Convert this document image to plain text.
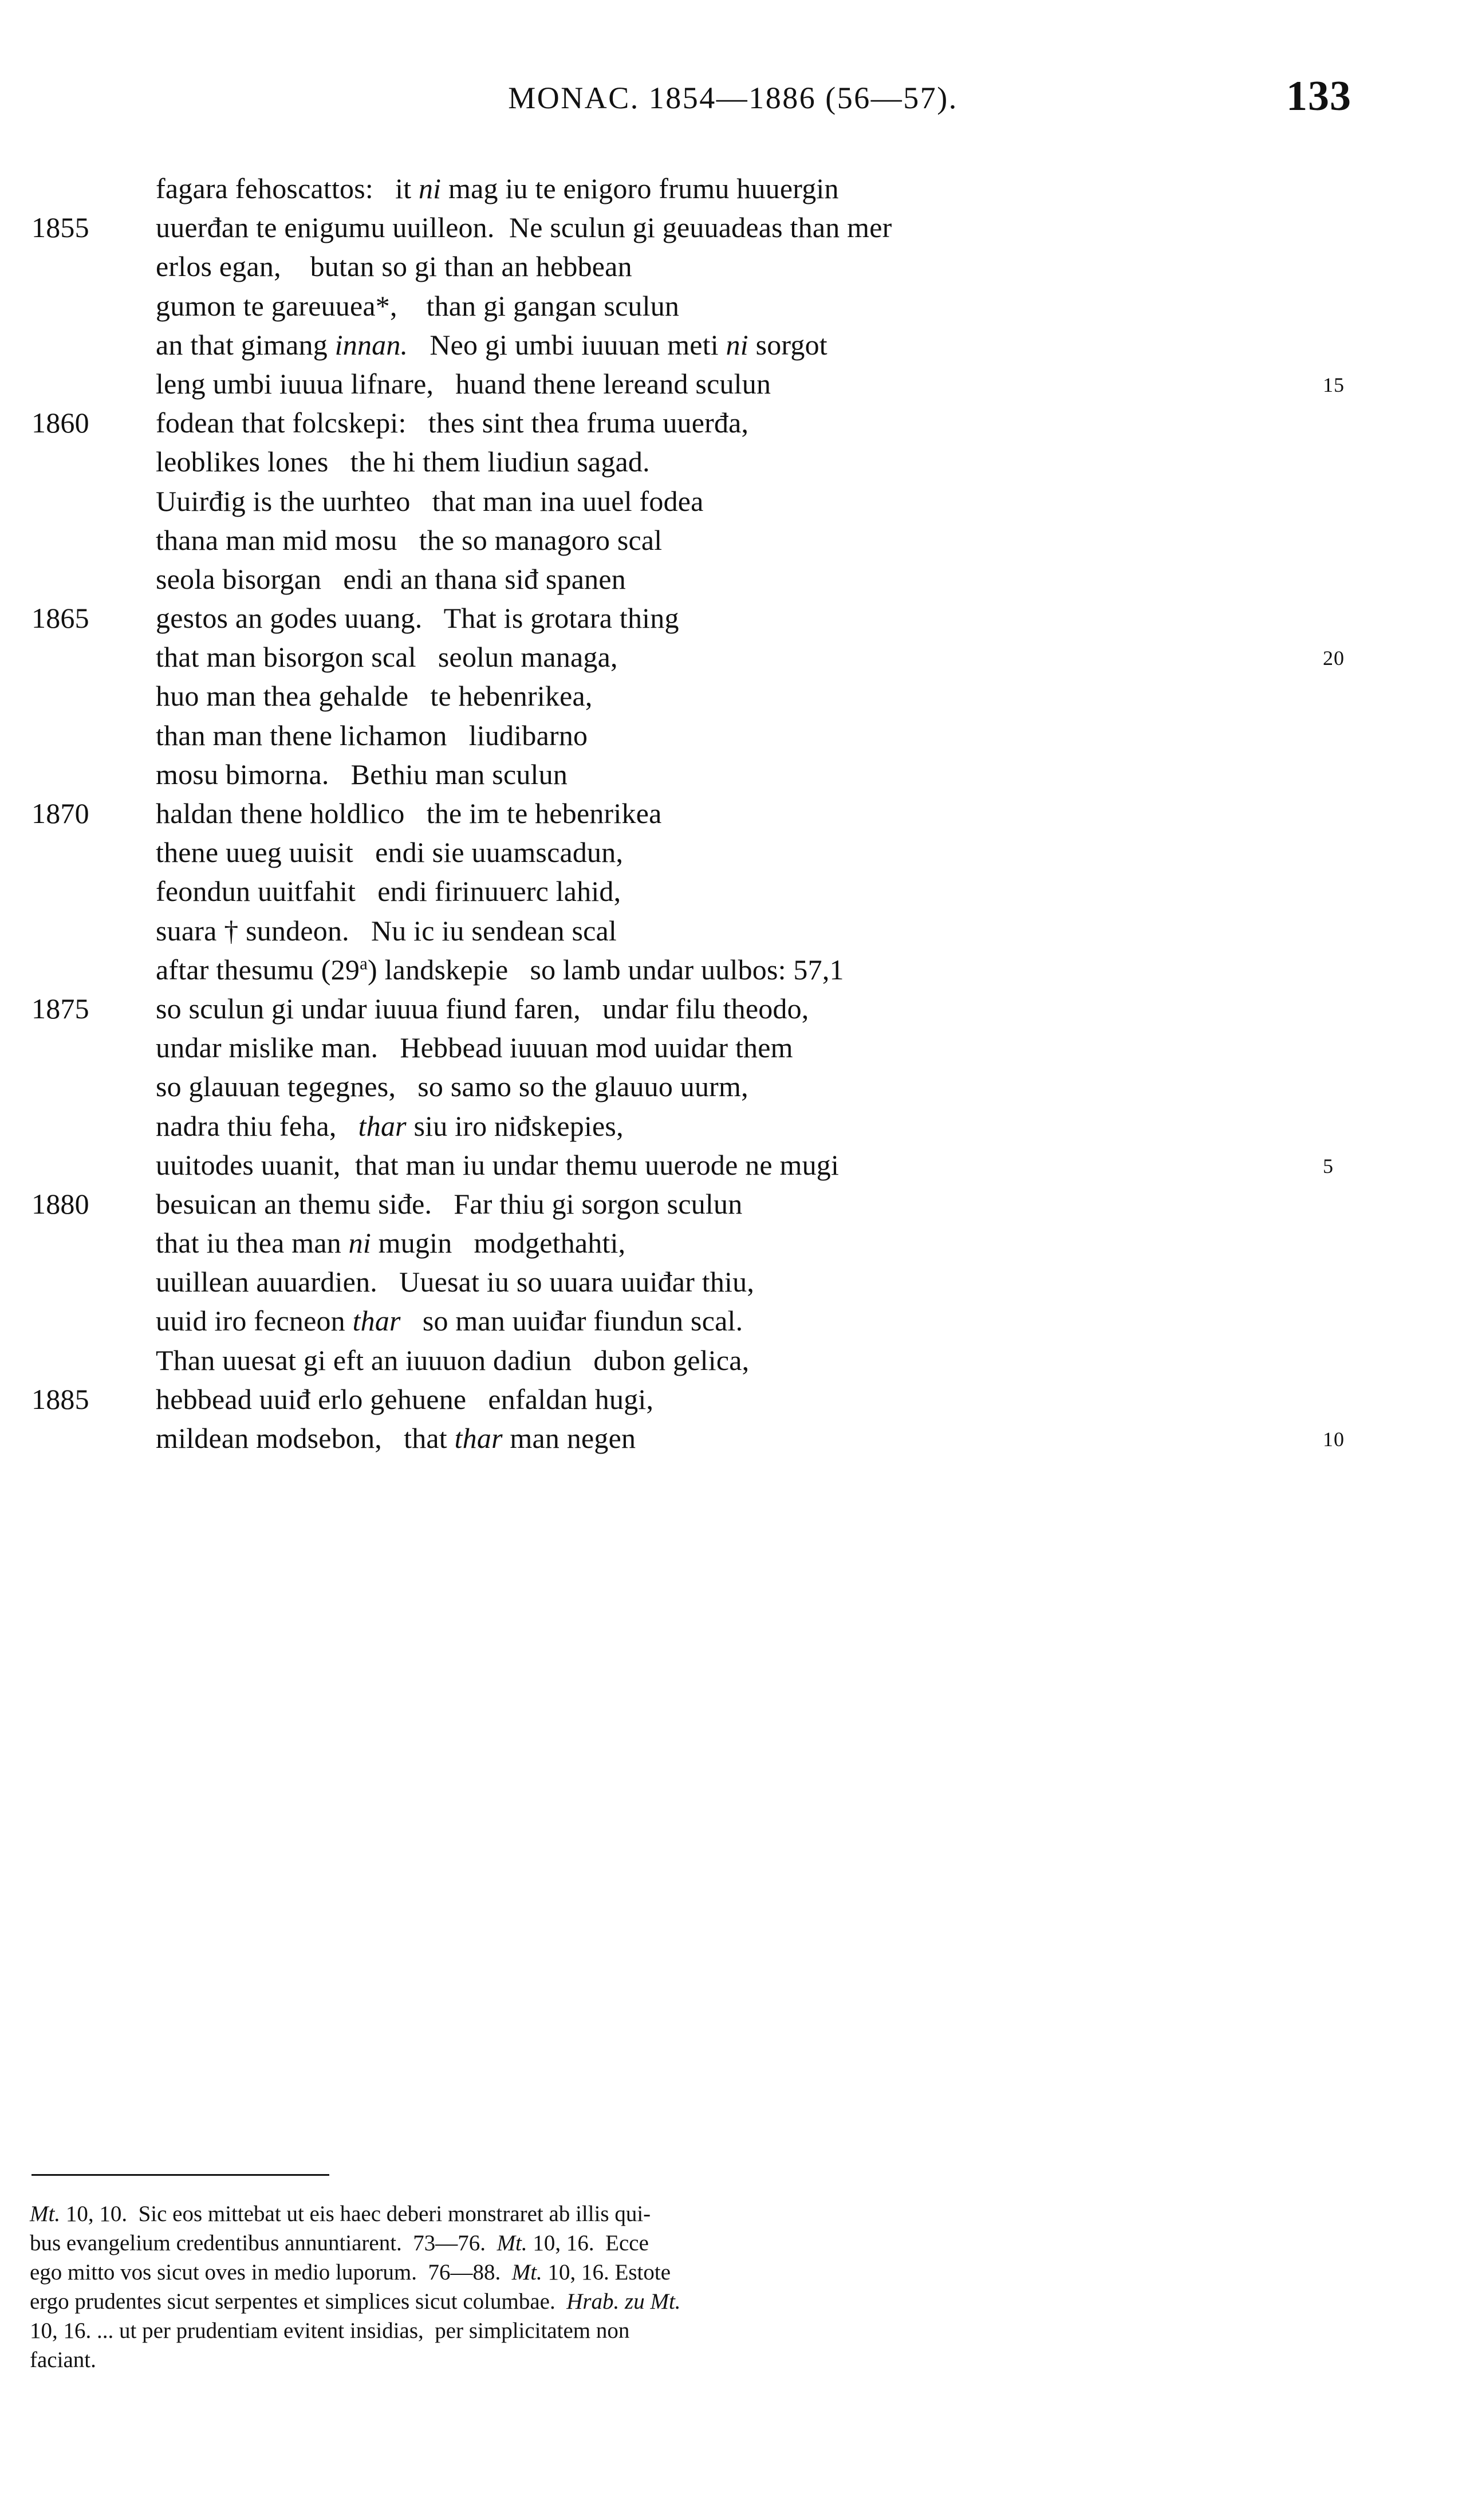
MONAC. 1854—1886 (56—57).	133
fagara fehoscattos:   it ni mag iu te enigoro frumu huuergin
1855	uuerđan te enigumu uuilleon.  Ne sculun gi geuuadeas than mer
erlos egan,    butan so gi than an hebbean
gumon te gareuuea*,    than gi gangan sculun
an that gimang innan.   Neo gi umbi iuuuan meti ni sorgot
leng umbi iuuua lifnare,   huand thene lereand sculun	15
1860	fodean that folcskepi:   thes sint thea fruma uuerđa,
leoblikes lones   the hi them liudiun sagad.
Uuirđig is the uurhteo   that man ina uuel fodea
thana man mid mosu   the so managoro scal
seola bisorgan   endi an thana siđ spanen
1865	gestos an godes uuang.   That is grotara thing
that man bisorgon scal   seolun managa,	20
huo man thea gehalde   te hebenrikea,
than man thene lichamon   liudibarno
mosu bimorna.   Bethiu man sculun
1870	haldan thene holdlico   the im te hebenrikea
thene uueg uuisit   endi sie uuamscadun,
feondun uuitfahit   endi firinuuerc lahid,
suara † sundeon.   Nu ic iu sendean scal
aftar thesumu (29$^a$) landskepie   so lamb undar uulbos: 57,1
1875	so sculun gi undar iuuua fiund faren,   undar filu theodo,
undar mislike man.   Hebbead iuuuan mod uuidar them
so glauuan tegegnes,   so samo so the glauuo uurm,
nadra thiu feha,   thar siu iro niđskepies,
uuitodes uuanit,  that man iu undar themu uuerode ne mugi	5
1880	besuican an themu siđe.   Far thiu gi sorgon sculun
that iu thea man ni mugin   modgethahti,
uuillean auuardien.   Uuesat iu so uuara uuiđar thiu,
uuid iro fecneon thar   so man uuiđar fiundun scal.
Than uuesat gi eft an iuuuon dadiun   dubon gelica,
1885	hebbead uuiđ erlo gehuene   enfaldan hugi,
mildean modsebon,   that thar man negen	10
Mt. 10, 10.  Sic eos mittebat ut eis haec deberi monstraret ab illis qui-
bus evangelium credentibus annuntiarent.  73—76.  Mt. 10, 16.  Ecce
ego mitto vos sicut oves in medio luporum.  76—88.  Mt. 10, 16. Estote
ergo prudentes sicut serpentes et simplices sicut columbae.  Hrab. zu Mt.
10, 16. ... ut per prudentiam evitent insidias,  per simplicitatem non
faciant.
